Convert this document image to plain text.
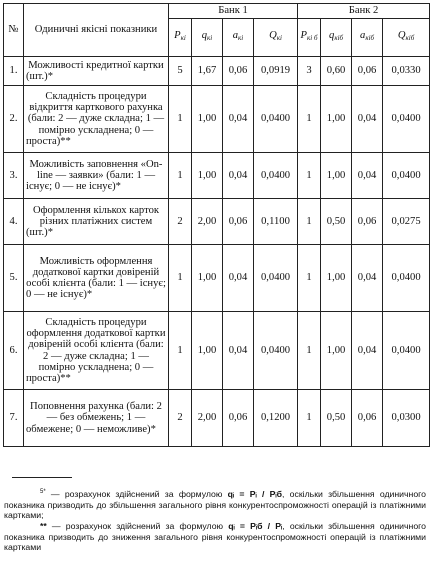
№	Одиничні якісні показники	Банк 1				Банк 2			
		$P_{кі}$	$q_{кі}$	$a_{кі}$	$Q_{кі}$	$P_{кі б}$	$q_{кіб}$	$a_{кіб}$	$Q_{кіб}$
1.	Можливості кредитної картки (шт.)*	5	1,67	0,06	0,0919	3	0,60	0,06	0,0330
2.	Складність процедури відкриття карткового рахунка (бали: 2 — дуже складна; 1 — помірно ускладнена; 0 — проста)**	1	1,00	0,04	0,0400	1	1,00	0,04	0,0400
3.	Можливість заповнення «On-line — заявки» (бали: 1 — існує; 0 — не існує)*	1	1,00	0,04	0,0400	1	1,00	0,04	0,0400
4.	Оформлення кількох карток різних платіжних систем (шт.)*	2	2,00	0,06	0,1100	1	0,50	0,06	0,0275
5.	Можливість оформлення додаткової картки довіреній особі клієнта (бали: 1 — існує; 0 — не існує)*	1	1,00	0,04	0,0400	1	1,00	0,04	0,0400
6.	Складність процедури оформлення додаткової картки довіреній особі клієнта (бали: 2 — дуже складна; 1 — помірно ускладнена; 0 — проста)**	1	1,00	0,04	0,0400	1	1,00	0,04	0,0400
7.	Поповнення рахунка (бали: 2 — без обмежень; 1 — обмежене; 0 — неможливе)*	2	2,00	0,06	0,1200	1	0,50	0,06	0,0300
$^{5*}$ — розрахунок здійснений за формулою qᵢ = Pᵢ / Pᵢб, оскільки збільшення одиничного показника призводить до збільшення загального рівня конкурентоспроможності операцій із платіжними картками;
** — розрахунок здійснений за формулою qᵢ = Pᵢб / Pᵢ, оскільки збільшення одиничного показника призводить до зниження загального рівня конкурентоспроможності операцій із платіжними картками
